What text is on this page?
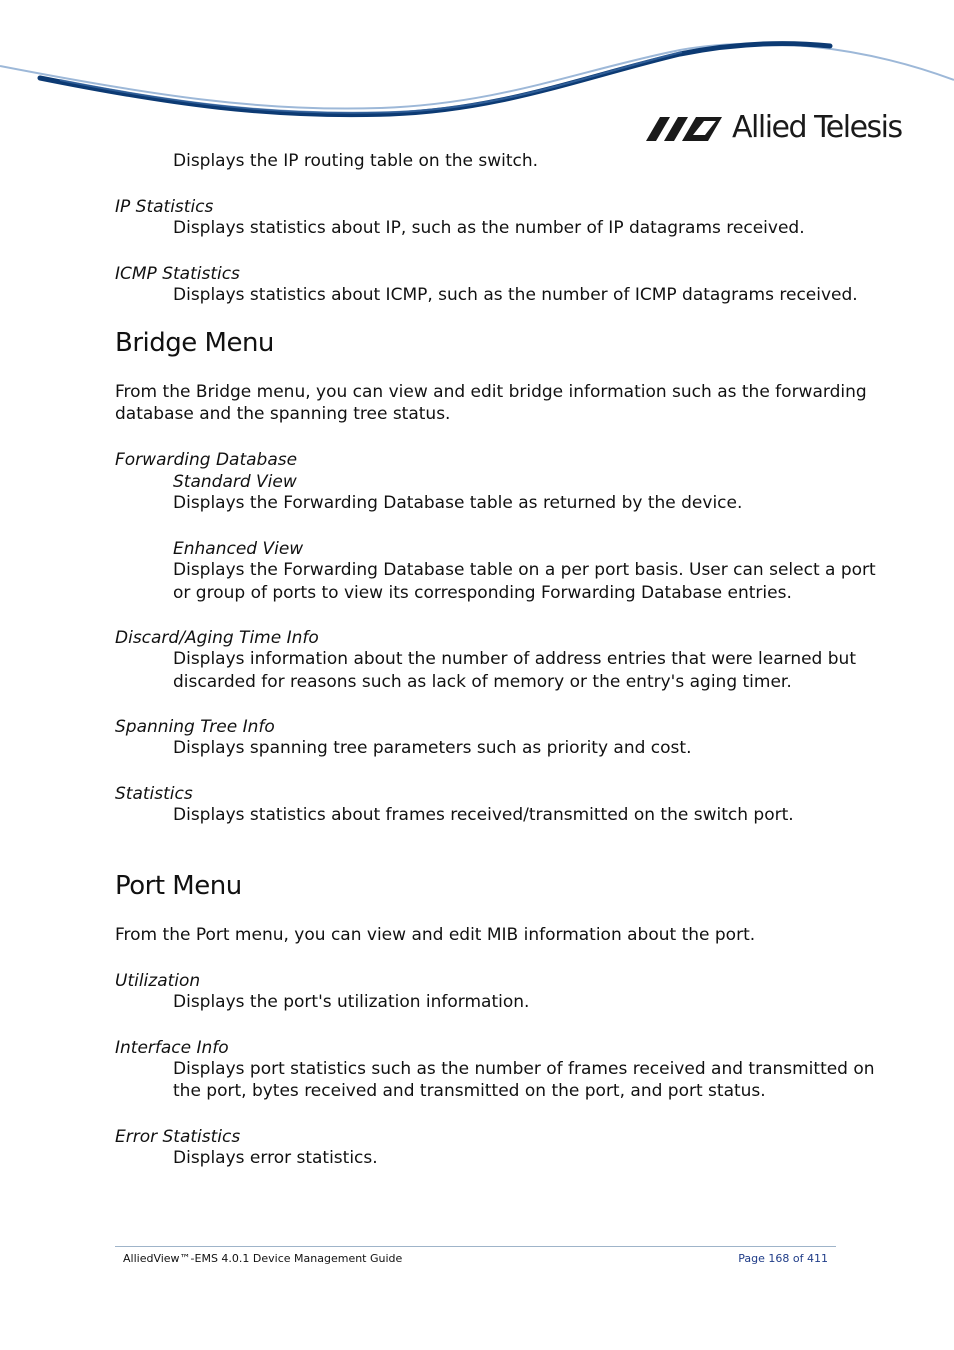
Allied Telesis
Displays the IP routing table on the switch.
IP Statistics
Displays statistics about IP, such as the number of IP datagrams received.
ICMP Statistics
Displays statistics about ICMP, such as the number of ICMP datagrams received.
Bridge Menu
From the Bridge menu, you can view and edit bridge information such as the forwarding
database and the spanning tree status.
Forwarding Database
Standard View
Displays the Forwarding Database table as returned by the device.
Enhanced View
Displays the Forwarding Database table on a per port basis. User can select a port
or group of ports to view its corresponding Forwarding Database entries.
Discard/Aging Time Info
Displays information about the number of address entries that were learned but
discarded for reasons such as lack of memory or the entry's aging timer.
Spanning Tree Info
Displays spanning tree parameters such as priority and cost.
Statistics
Displays statistics about frames received/transmitted on the switch port.
Port Menu
From the Port menu, you can view and edit MIB information about the port.
Utilization
Displays the port's utilization information.
Interface Info
Displays port statistics such as the number of frames received and transmitted on
the port, bytes received and transmitted on the port, and port status.
Error Statistics
Displays error statistics.
AlliedView™-EMS 4.0.1 Device Management Guide	Page 168 of 411
